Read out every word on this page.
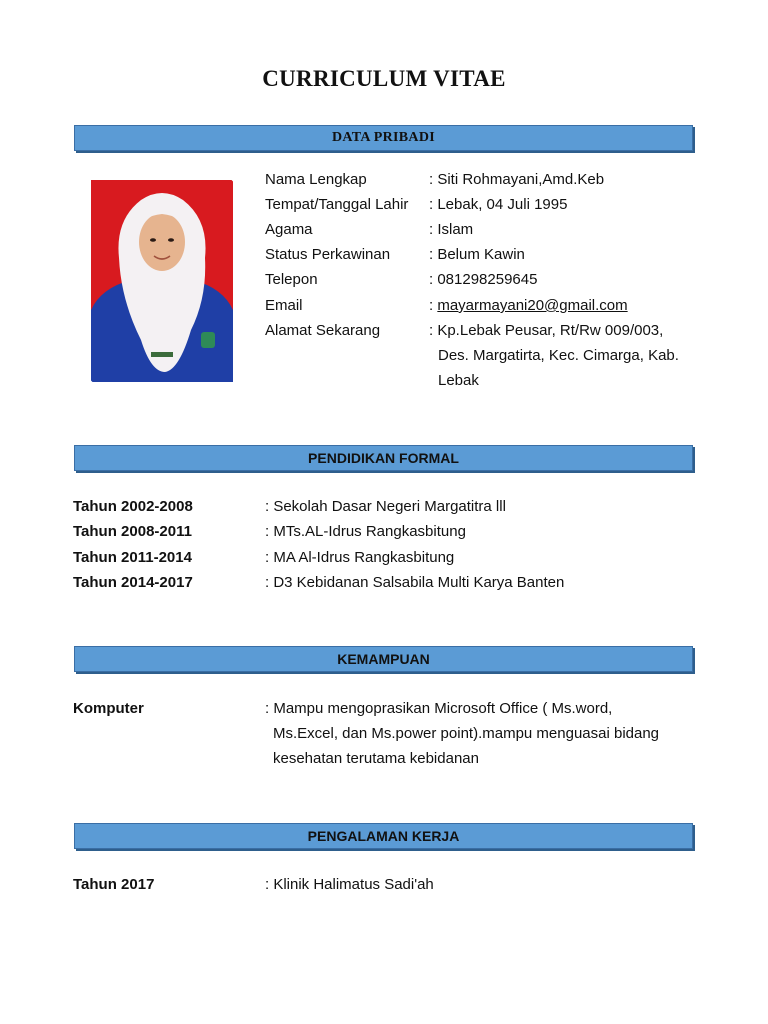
CURRICULUM VITAE
DATA PRIBADI
Nama Lengkap	: Siti Rohmayani,Amd.Keb
Tempat/Tanggal Lahir : Lebak, 04 Juli 1995
Agama	: Islam
Status Perkawinan	: Belum Kawin
Telepon	: 081298259645
Email	: mayarmayani20@gmail.com
Alamat Sekarang	: Kp.Lebak Peusar, Rt/Rw 009/003,
Des. Margatirta, Kec. Cimarga, Kab.
Lebak
PENDIDIKAN FORMAL
Tahun 2002-2008	: Sekolah Dasar Negeri Margatitra lll
Tahun 2008-2011	: MTs.AL-Idrus Rangkasbitung
Tahun 2011-2014	: MA Al-Idrus Rangkasbitung
Tahun 2014-2017	: D3 Kebidanan Salsabila Multi Karya Banten
KEMAMPUAN
Komputer	: Mampu mengoprasikan Microsoft Office ( Ms.word,
Ms.Excel, dan Ms.power point).mampu menguasai bidang
kesehatan terutama kebidanan
PENGALAMAN KERJA
Tahun 2017	: Klinik Halimatus Sadi'ah
